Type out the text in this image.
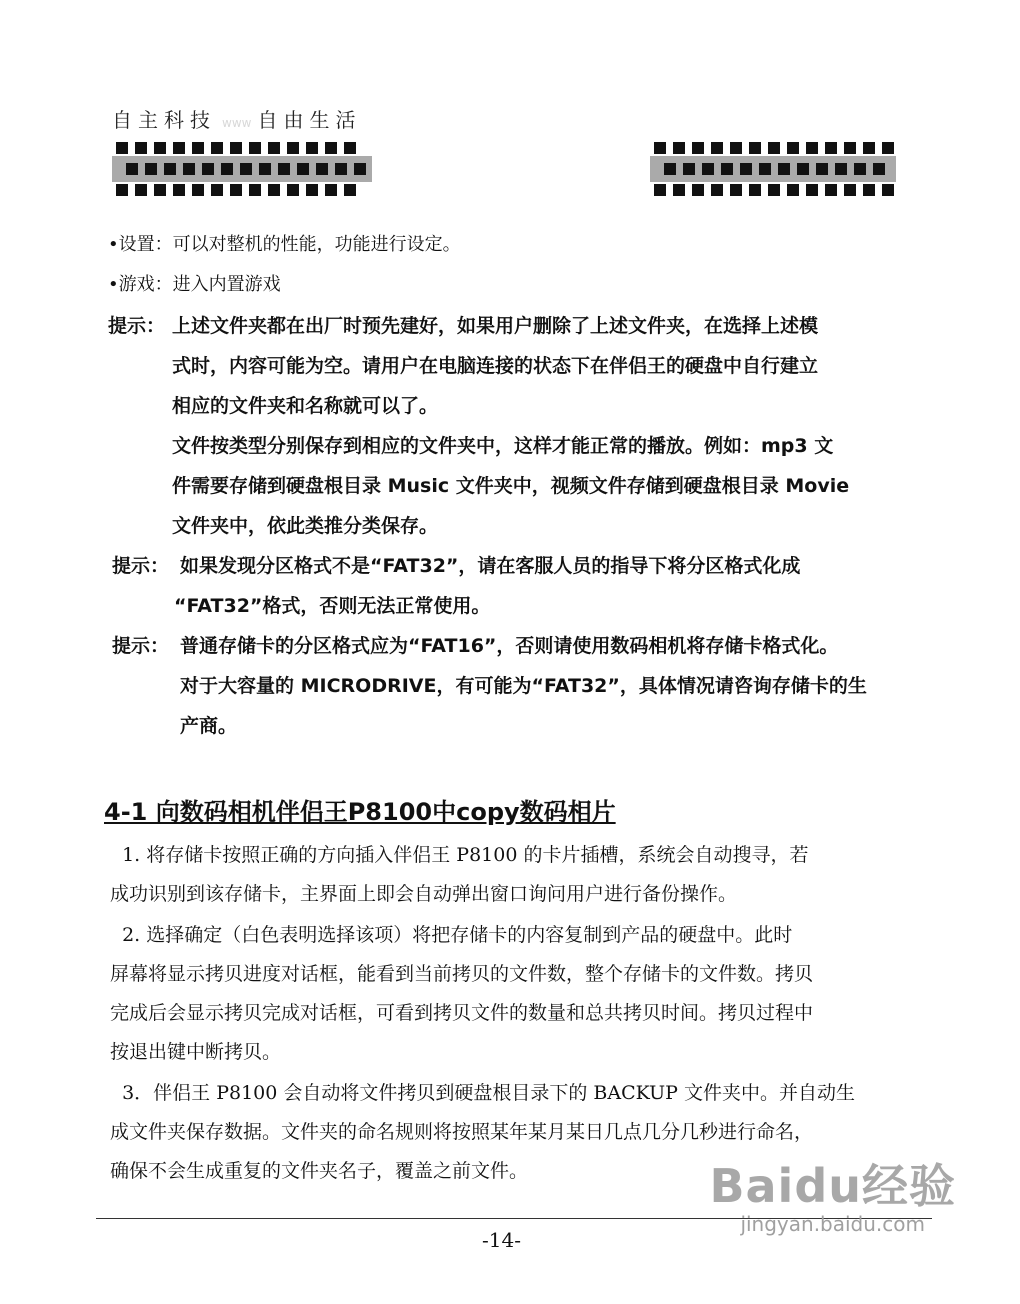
自主科技 www 自由生活
•设置：可以对整机的性能，功能进行设定。
•游戏：进入内置游戏
提示： 上述文件夹都在出厂时预先建好，如果用户删除了上述文件夹，在选择上述模
式时，内容可能为空。请用户在电脑连接的状态下在伴侣王的硬盘中自行建立
相应的文件夹和名称就可以了。
文件按类型分别保存到相应的文件夹中，这样才能正常的播放。例如：mp3 文
件需要存储到硬盘根目录 Music 文件夹中，视频文件存储到硬盘根目录 Movie
文件夹中，依此类推分类保存。
提示： 如果发现分区格式不是“FAT32”，请在客服人员的指导下将分区格式化成
“FAT32”格式，否则无法正常使用。
提示： 普通存储卡的分区格式应为“FAT16”，否则请使用数码相机将存储卡格式化。
对于大容量的 MICRODRIVE，有可能为“FAT32”，具体情况请咨询存储卡的生
产商。
4-1 向数码相机伴侣王P8100中copy数码相片
1. 将存储卡按照正确的方向插入伴侣王 P8100 的卡片插槽，系统会自动搜寻，若
成功识别到该存储卡，主界面上即会自动弹出窗口询问用户进行备份操作。
2. 选择确定（白色表明选择该项）将把存储卡的内容复制到产品的硬盘中。此时
屏幕将显示拷贝进度对话框，能看到当前拷贝的文件数，整个存储卡的文件数。拷贝
完成后会显示拷贝完成对话框，可看到拷贝文件的数量和总共拷贝时间。拷贝过程中
按退出键中断拷贝。
3．伴侣王 P8100 会自动将文件拷贝到硬盘根目录下的 BACKUP 文件夹中。并自动生
成文件夹保存数据。文件夹的命名规则将按照某年某月某日几点几分几秒进行命名，
确保不会生成重复的文件夹名子，覆盖之前文件。
-14-
Baidu经验
jingyan.baidu.com
